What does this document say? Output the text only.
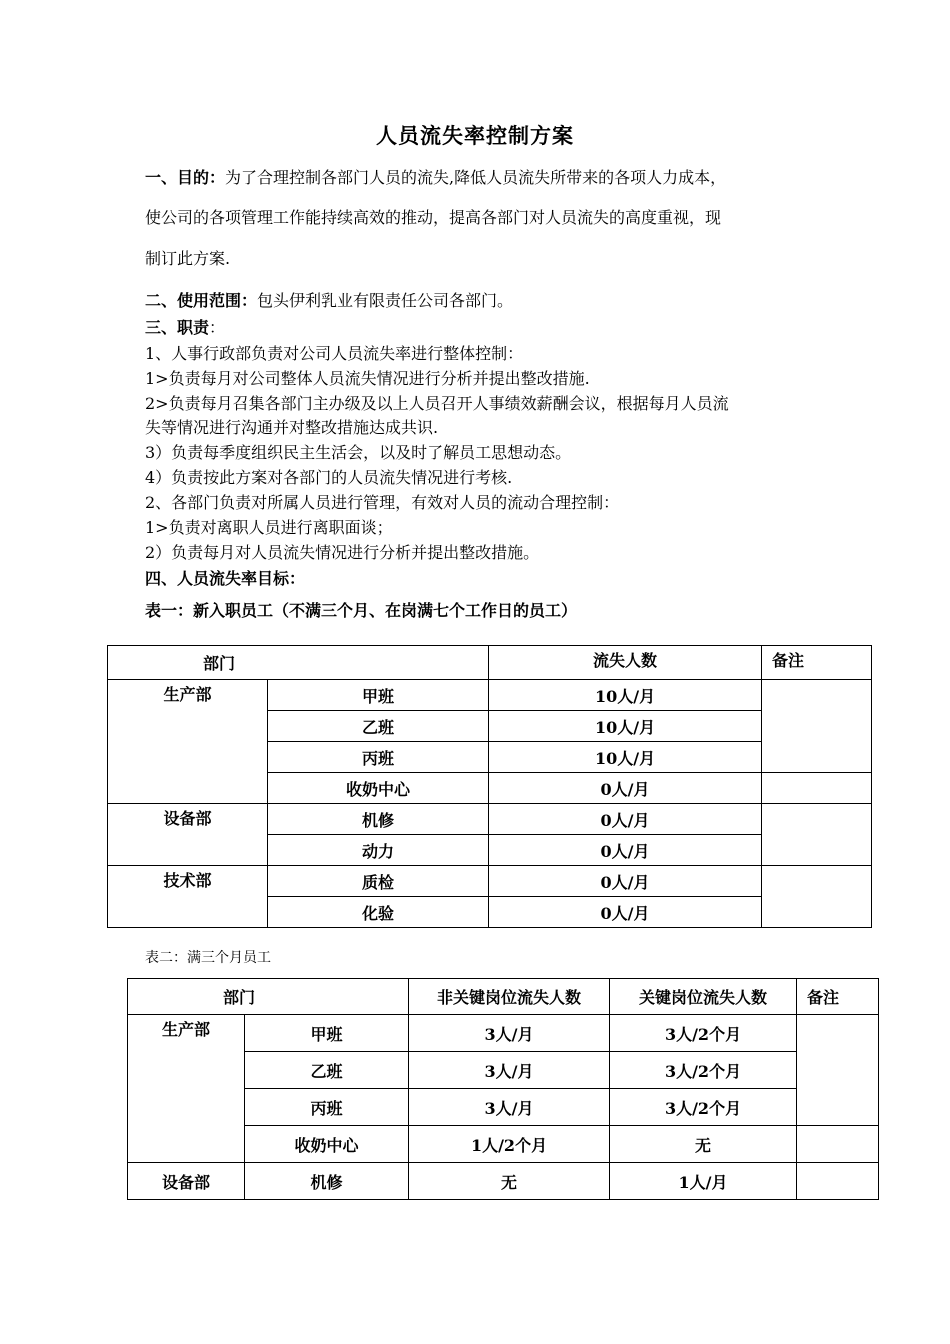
人员流失率控制方案
一、目的：为了合理控制各部门人员的流失,降低人员流失所带来的各项人力成本，
使公司的各项管理工作能持续高效的推动，提高各部门对人员流失的高度重视，现
制订此方案.
二、使用范围：包头伊利乳业有限责任公司各部门。
三、职责：
1、人事行政部负责对公司人员流失率进行整体控制：
1>负责每月对公司整体人员流失情况进行分析并提出整改措施.
2>负责每月召集各部门主办级及以上人员召开人事绩效薪酬会议，根据每月人员流
失等情况进行沟通并对整改措施达成共识.
3）负责每季度组织民主生活会，以及时了解员工思想动态。
4）负责按此方案对各部门的人员流失情况进行考核.
2、各部门负责对所属人员进行管理，有效对人员的流动合理控制：
1>负责对离职人员进行离职面谈；
2）负责每月对人员流失情况进行分析并提出整改措施。
四、人员流失率目标：
表一：新入职员工（不满三个月、在岗满七个工作日的员工）
部门		流失人数	备注
生产部	甲班	10人/月	
	乙班	10人/月	
	丙班	10人/月	
	收奶中心	0人/月	
设备部	机修	0人/月	
	动力	0人/月	
技术部	质检	0人/月	
	化验	0人/月	
表二：满三个月员工
部门		非关键岗位流失人数	关键岗位流失人数	备注
生产部	甲班	3人/月	3人/2个月	
	乙班	3人/月	3人/2个月	
	丙班	3人/月	3人/2个月	
	收奶中心	1人/2个月	无	
设备部	机修	无	1人/月	
